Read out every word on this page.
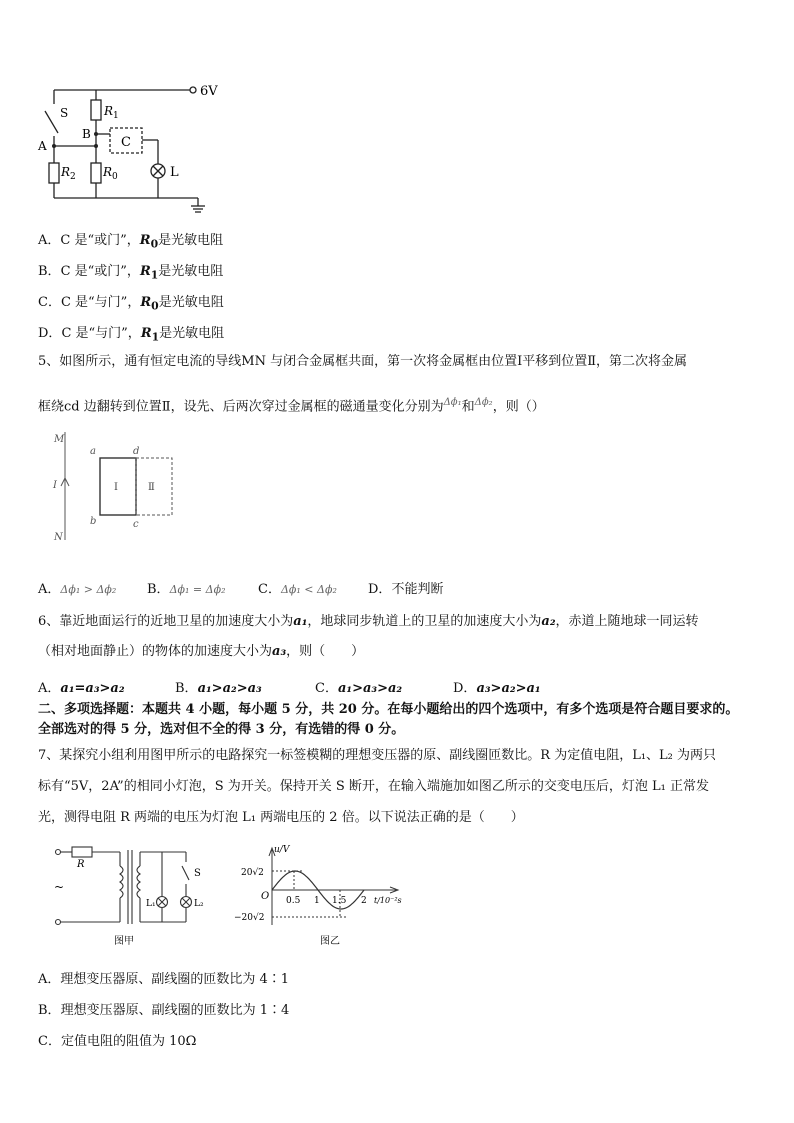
6V
S
A
B
$R_1$
$R_2$ $R_0$
C
L
A．C 是“或门”，$R_0$是光敏电阻
B．C 是“或门”，$R_1$是光敏电阻
C．C 是“与门”，$R_0$是光敏电阻
D．C 是“与门”，$R_1$是光敏电阻
5、如图所示，通有恒定电流的导线MN 与闭合金属框共面，第一次将金属框由位置Ⅰ平移到位置Ⅱ，第二次将金属
框绕cd 边翻转到位置Ⅱ，设先、后两次穿过金属框的磁通量变化分别为$^{\Delta\phi_1}$和$^{\Delta\phi_2}$，则（）
M
N
I
a	d
b	c
Ⅰ	Ⅱ
A．Δϕ₁ > Δϕ₂ B．Δϕ₁ = Δϕ₂	C．Δϕ₁ < Δϕ₂ D．不能判断
6、靠近地面运行的近地卫星的加速度大小为a₁，地球同步轨道上的卫星的加速度大小为a₂，赤道上随地球一同运转
（相对地面静止）的物体的加速度大小为a₃，则（　　）
A．a₁=a₃>a₂	B．a₁>a₂>a₃	C．a₁>a₃>a₂	D．a₃>a₂>a₁
二、多项选择题：本题共 4 小题，每小题 5 分，共 20 分。在每小题给出的四个选项中，有多个选项是符合题目要求的。
全部选对的得 5 分，选对但不全的得 3 分，有选错的得 0 分。
7、某探究小组利用图甲所示的电路探究一标签模糊的理想变压器的原、副线圈匝数比。R 为定值电阻，L₁、L₂ 为两只
标有“5V，2A”的相同小灯泡，S 为开关。保持开关 S 断开，在输入端施加如图乙所示的交变电压后，灯泡 L₁ 正常发
光，测得电阻 R 两端的电压为灯泡 L₁ 两端电压的 2 倍。以下说法正确的是（　　）
R
~
L₁	L₂
S
图甲
u/V
20√2
−20√2
O 0.5 1 1.5 2 t/10⁻²s
图乙
A．理想变压器原、副线圈的匝数比为 4∶1
B．理想变压器原、副线圈的匝数比为 1∶4
C．定值电阻的阻值为 10Ω
